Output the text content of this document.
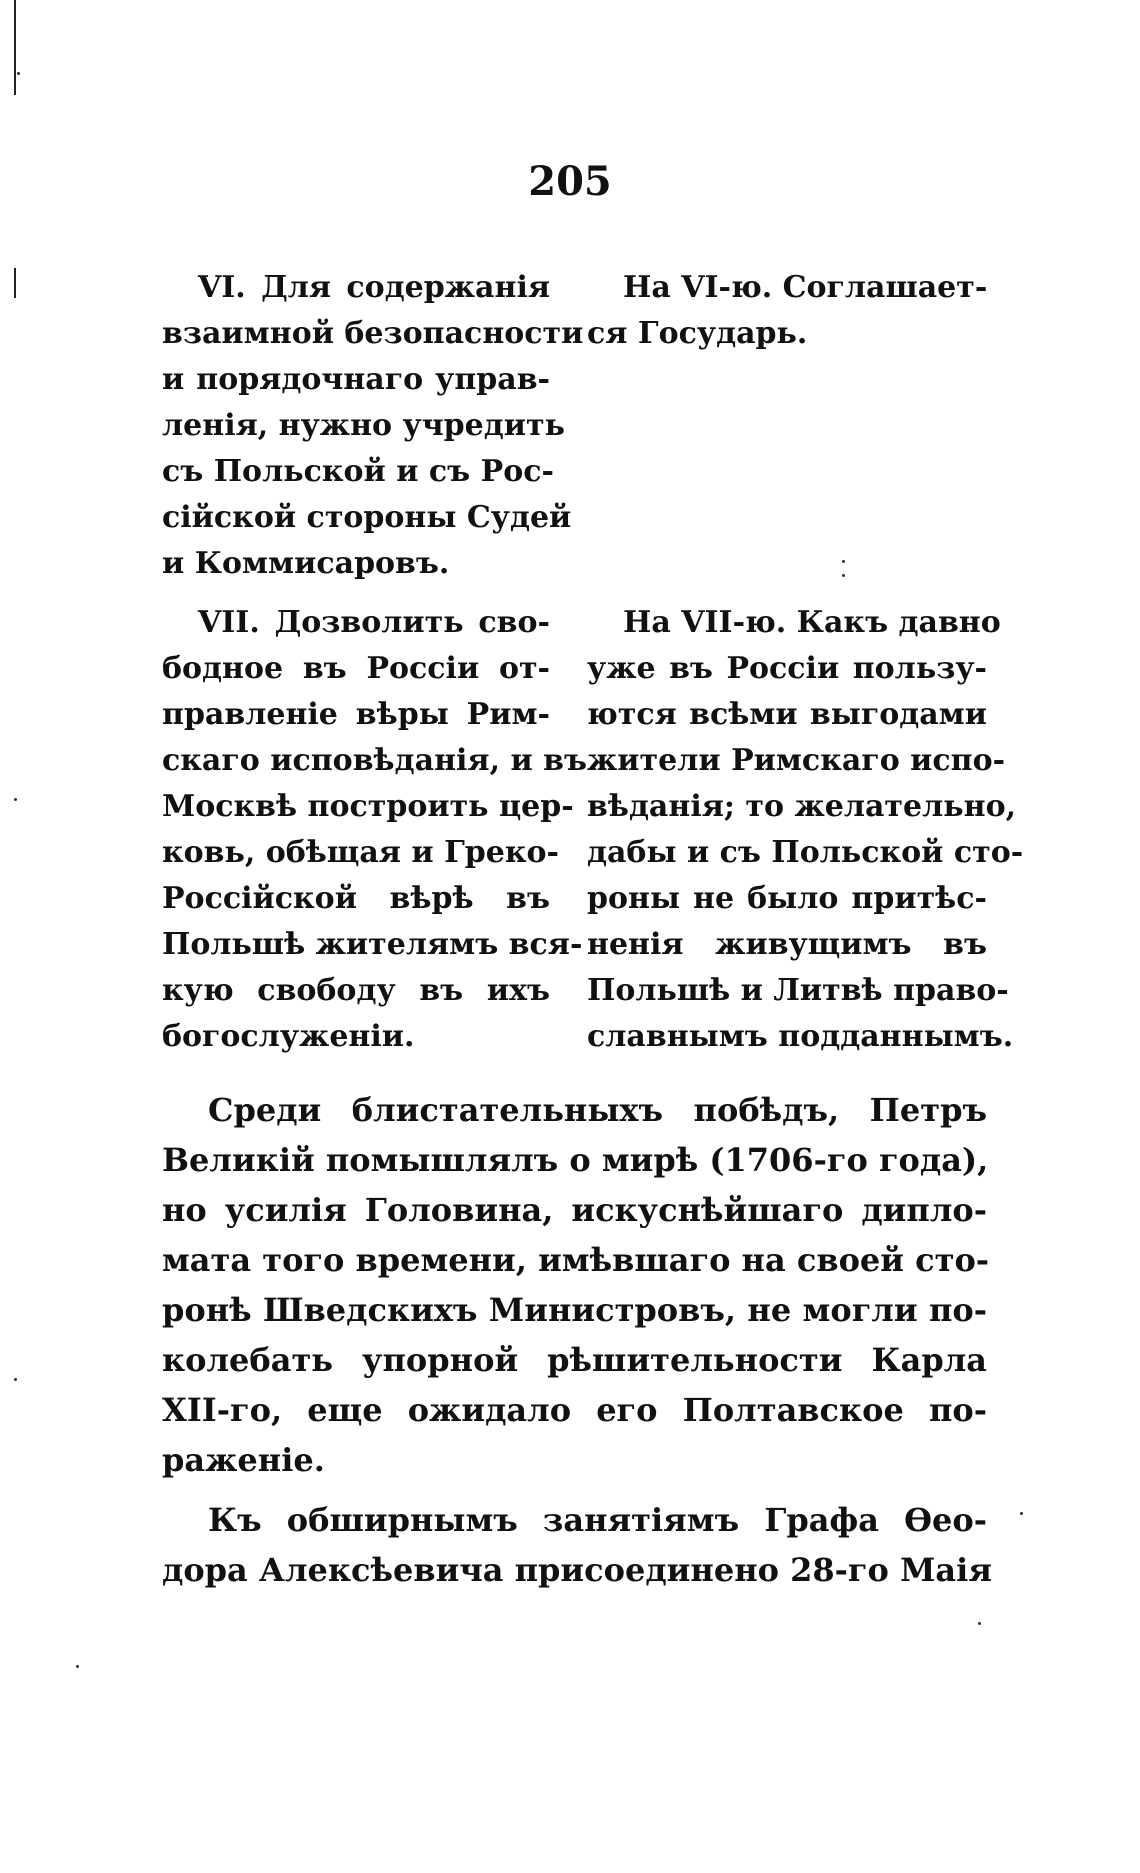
205
VI. Для содержанія
взаимной безопасности
и порядочнаго управ-
ленія, нужно учредить
съ Польской и съ Рос-
сійской стороны Судей
и Коммисаровъ.
На VI-ю. Соглашает-
ся Государь.
VII. Дозволить сво-
бодное въ Россіи от-
правленіе вѣры Рим-
скаго исповѣданія, и въ
Москвѣ построить цер-
ковь, обѣщая и Греко-
Россійской вѣрѣ въ
Польшѣ жителямъ вся-
кую свободу въ ихъ
богослуженіи.
На VII-ю. Какъ давно
уже въ Россіи пользу-
ются всѣми выгодами
жители Римскаго испо-
вѣданія; то желательно,
дабы и съ Польской сто-
роны не было притѣс-
ненія живущимъ въ
Польшѣ и Литвѣ право-
славнымъ подданнымъ.
Среди блистательныхъ побѣдъ, Петръ
Великій помышлялъ о мирѣ (1706-го года),
но усилія Головина, искуснѣйшаго дипло-
мата того времени, имѣвшаго на своей сто-
ронѣ Шведскихъ Министровъ, не могли по-
колебать упорной рѣшительности Карла
XII-го, еще ожидало его Полтавское по-
раженіе.
Къ обширнымъ занятіямъ Графа Ѳео-
дора Алексѣевича присоединено 28-го Маія
